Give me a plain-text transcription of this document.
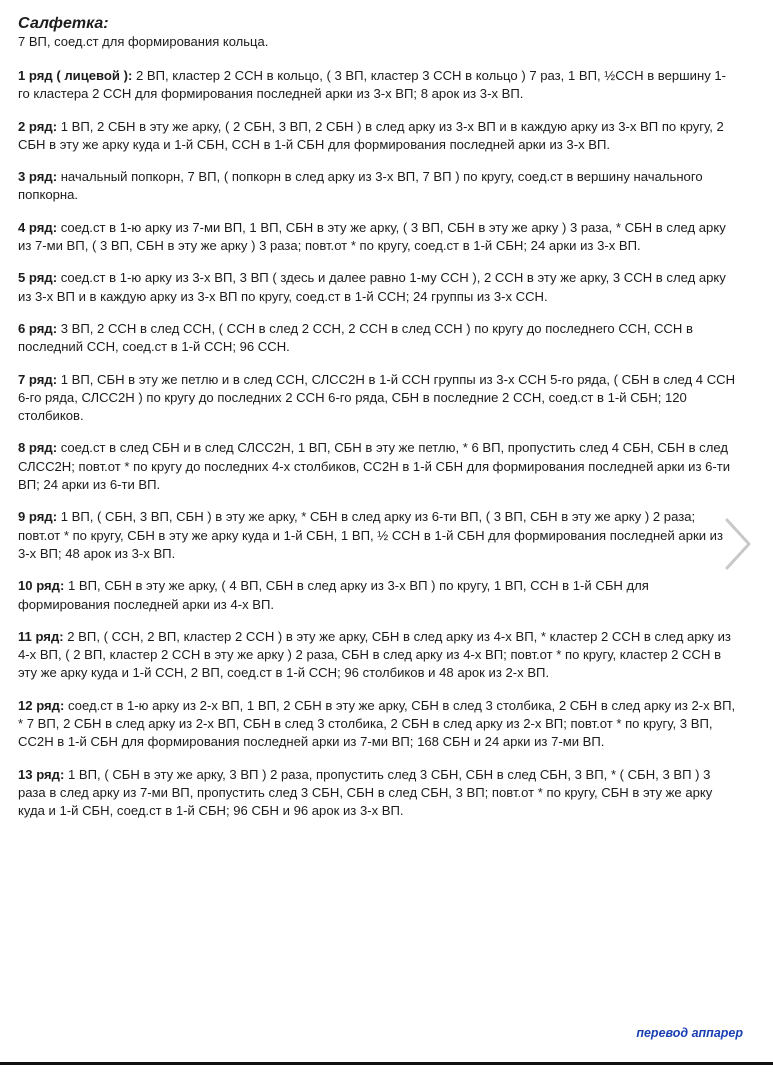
Салфетка:

7 ВП, соед.ст для формирования кольца.

1 ряд ( лицевой ): 2 ВП, кластер 2 ССН в кольцо, ( 3 ВП, кластер 3 ССН в кольцо ) 7 раз, 1 ВП, ½ССН в вершину 1-го кластера 2 ССН для формирования последней арки из 3-х ВП; 8 арок из 3-х ВП.

2 ряд: 1 ВП, 2 СБН в эту же арку, ( 2 СБН, 3 ВП, 2 СБН ) в след арку из 3-х ВП и в каждую арку из 3-х ВП по кругу, 2 СБН в эту же арку куда и 1-й СБН, ССН в 1-й СБН для формирования последней арки из 3-х ВП.

3 ряд: начальный попкорн, 7 ВП, ( попкорн в след арку из 3-х ВП, 7 ВП ) по кругу, соед.ст в вершину начального попкорна.

4 ряд: соед.ст в 1-ю арку из 7-ми ВП, 1 ВП, СБН в эту же арку, ( 3 ВП, СБН в эту же арку ) 3 раза, * СБН в след арку из 7-ми ВП, ( 3 ВП, СБН в эту же арку ) 3 раза; повт.от * по кругу, соед.ст в 1-й СБН; 24 арки из 3-х ВП.

5 ряд: соед.ст в 1-ю арку из 3-х ВП, 3 ВП ( здесь и далее равно 1-му ССН ), 2 ССН в эту же арку, 3 ССН в след арку из 3-х ВП и в каждую арку из 3-х ВП по кругу, соед.ст в 1-й ССН; 24 группы из 3-х ССН.

6 ряд: 3 ВП, 2 ССН в след ССН, ( ССН в след 2 ССН, 2 ССН в след ССН ) по кругу до последнего ССН, ССН в последний ССН, соед.ст в 1-й ССН; 96 ССН.

7 ряд: 1 ВП, СБН в эту же петлю и в след ССН, СЛСС2Н в 1-й ССН группы из 3-х ССН 5-го ряда, ( СБН в след 4 ССН 6-го ряда, СЛСС2Н ) по кругу до последних 2 ССН 6-го ряда, СБН в последние 2 ССН, соед.ст в 1-й СБН; 120 столбиков.

8 ряд: соед.ст в след СБН и в след СЛСС2Н, 1 ВП, СБН в эту же петлю, * 6 ВП, пропустить след 4 СБН, СБН в след СЛСС2Н; повт.от * по кругу до последних 4-х столбиков, СС2Н в 1-й СБН для формирования последней арки из 6-ти ВП; 24 арки из 6-ти ВП.

9 ряд: 1 ВП, ( СБН, 3 ВП, СБН ) в эту же арку, * СБН в след арку из 6-ти ВП, ( 3 ВП, СБН в эту же арку ) 2 раза; повт.от * по кругу, СБН в эту же арку куда и 1-й СБН, 1 ВП, ½ ССН в 1-й СБН для формирования последней арки из 3-х ВП; 48 арок из 3-х ВП.

10 ряд: 1 ВП, СБН в эту же арку, ( 4 ВП, СБН в след арку из 3-х ВП ) по кругу, 1 ВП, ССН в 1-й СБН для формирования последней арки из 4-х ВП.

11 ряд: 2 ВП, ( ССН, 2 ВП, кластер 2 ССН ) в эту же арку, СБН в след арку из 4-х ВП, * кластер 2 ССН в след арку из 4-х ВП, ( 2 ВП, кластер 2 ССН в эту же арку ) 2 раза, СБН в след арку из 4-х ВП; повт.от * по кругу, кластер 2 ССН в эту же арку куда и 1-й ССН, 2 ВП, соед.ст в 1-й ССН; 96 столбиков и 48 арок из 2-х ВП.

12 ряд: соед.ст в 1-ю арку из 2-х ВП, 1 ВП, 2 СБН в эту же арку, СБН в след 3 столбика, 2 СБН в след арку из 2-х ВП, * 7 ВП, 2 СБН в след арку из 2-х ВП, СБН в след 3 столбика, 2 СБН в след арку из 2-х ВП; повт.от * по кругу, 3 ВП, СС2Н в 1-й СБН для формирования последней арки из 7-ми ВП; 168 СБН и 24 арки из 7-ми ВП.

13 ряд: 1 ВП, ( СБН в эту же арку, 3 ВП ) 2 раза, пропустить след 3 СБН, СБН в след СБН, 3 ВП, * ( СБН, 3 ВП ) 3 раза в след арку из 7-ми ВП, пропустить след 3 СБН, СБН в след СБН, 3 ВП; повт.от * по кругу, СБН в эту же арку куда и 1-й СБН, соед.ст в 1-й СБН; 96 СБН и 96 арок из 3-х ВП.

перевод аппарер
